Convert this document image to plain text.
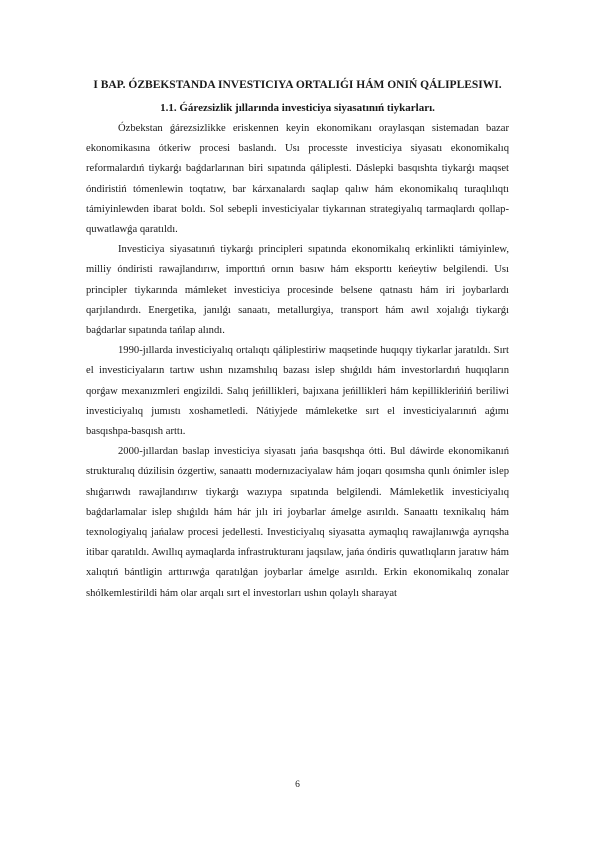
I BAP. ÓZBEKSTANDA INVESTICIYA ORTALIǴI HÁM ONIŃ QÁLIPLESIWI.
1.1. Ǵárezsizlik jıllarında investiciya siyasatınıń tiykarları.

Ózbekstan ǵárezsizlikke eriskennen keyin ekonomikanı oraylasqan sistemadan bazar ekonomikasına ótkeriw procesi baslandı. Usı processte investiciya siyasatı ekonomikalıq reformalardıń tiykarǵı baǵdarlarınan biri sıpatında qáliplesti. Dáslepki basqıshta tiykarǵı maqset óndiristiń tómenlewin toqtatıw, bar kárxanalardı saqlap qalıw hám ekonomikalıq turaqlılıqtı támiyinlewden ibarat boldı. Sol sebepli investiciyalar tiykarınan strategiyalıq tarmaqlardı qollap-quwatlawǵa qaratıldı.

Investiciya siyasatınıń tiykarǵı principleri sıpatında ekonomikalıq erkinlikti támiyinlew, milliy óndiristi rawajlandırıw, importtıń ornın basıw hám eksporttı keńeytiw belgilendi. Usı principler tiykarında mámleket investiciya procesinde belsene qatnastı hám iri joybarlardı qarjılandırdı. Energetika, janılǵı sanaatı, metallurgiya, transport hám awıl xojalıǵı tiykarǵı baǵdarlar sıpatında tańlap alındı.

1990-jıllarda investiciyalıq ortalıqtı qáliplestiriw maqsetinde huqıqıy tiykarlar jaratıldı. Sırt el investiciyaların tartıw ushın nızamshılıq bazası islep shıǵıldı hám investorlardıń huqıqların qorǵaw mexanızmleri engizildi. Salıq jeńillikleri, bajıxana jeńillikleri hám kepilliklerińiń beriliwi investiciyalıq jumıstı xoshametledi. Nátiyjede mámleketke sırt el investiciyalarınıń aǵımı basqıshpa-basqısh arttı.

2000-jıllardan baslap investiciya siyasatı jańa basqıshqa ótti. Bul dáwirde ekonomikanıń strukturalıq dúzilisin ózgertiw, sanaattı modernızaciyalaw hám joqarı qosımsha qunlı ónimler islep shıǵarıwdı rawajlandırıw tiykarǵı wazıypa sıpatında belgilendi. Mámleketlik investiciyalıq baǵdarlamalar islep shıǵıldı hám hár jılı iri joybarlar ámelge asırıldı. Sanaattı texnikalıq hám texnologiyalıq jańalaw procesi jedellesti. Investiciyalıq siyasatta aymaqlıq rawajlanıwǵa ayrıqsha itibar qaratıldı. Awıllıq aymaqlarda infrastrukturanı jaqsılaw, jańa óndiris quwatlıqların jaratıw hám xalıqtıń bántligin arttırıwǵa qaratılǵan joybarlar ámelge asırıldı. Erkin ekonomikalıq zonalar shólkemlestirildi hám olar arqalı sırt el investorları ushın qolaylı sharayat

6
